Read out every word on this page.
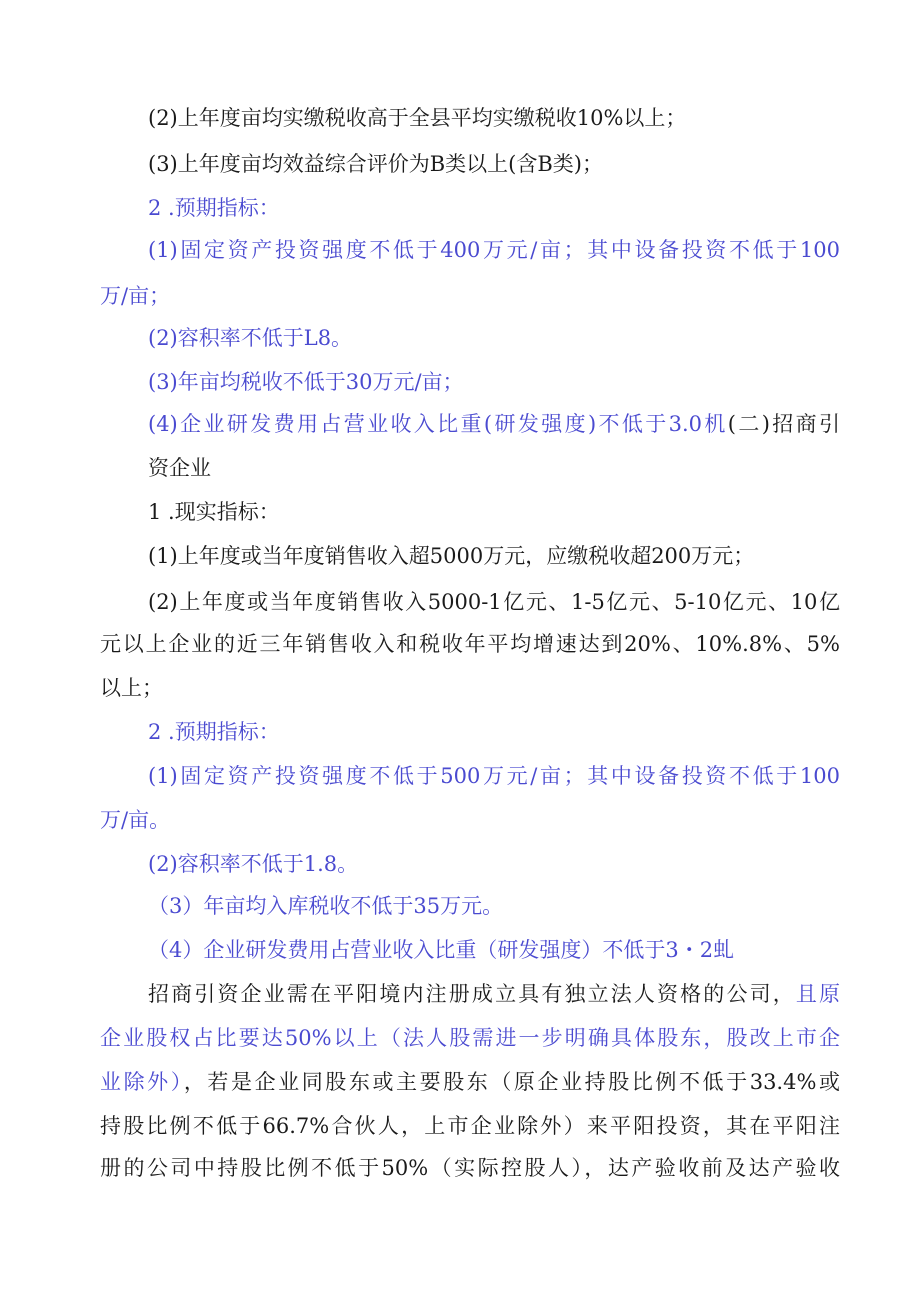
(2)上年度亩均实缴税收高于全县平均实缴税收10%以上；
(3)上年度亩均效益综合评价为B类以上(含B类)；
2 .预期指标：
(1)固定资产投资强度不低于400万元/亩；其中设备投资不低于100
万/亩；
(2)容积率不低于L8。
(3)年亩均税收不低于30万元/亩；
(4)企业研发费用占营业收入比重(研发强度)不低于3.0机(二)招商引
资企业
1 .现实指标：
(1)上年度或当年度销售收入超5000万元，应缴税收超200万元；
(2)上年度或当年度销售收入5000-1亿元、1-5亿元、5-10亿元、10亿
元以上企业的近三年销售收入和税收年平均增速达到20%、10%.8%、5%
以上；
2 .预期指标：
(1)固定资产投资强度不低于500万元/亩；其中设备投资不低于100
万/亩。
(2)容积率不低于1.8。
（3）年亩均入库税收不低于35万元。
（4）企业研发费用占营业收入比重（研发强度）不低于3・2虬
招商引资企业需在平阳境内注册成立具有独立法人资格的公司，且原
企业股权占比要达50%以上（法人股需进一步明确具体股东，股改上市企
业除外），若是企业同股东或主要股东（原企业持股比例不低于33.4%或
持股比例不低于66.7%合伙人，上市企业除外）来平阳投资，其在平阳注
册的公司中持股比例不低于50%（实际控股人），达产验收前及达产验收
